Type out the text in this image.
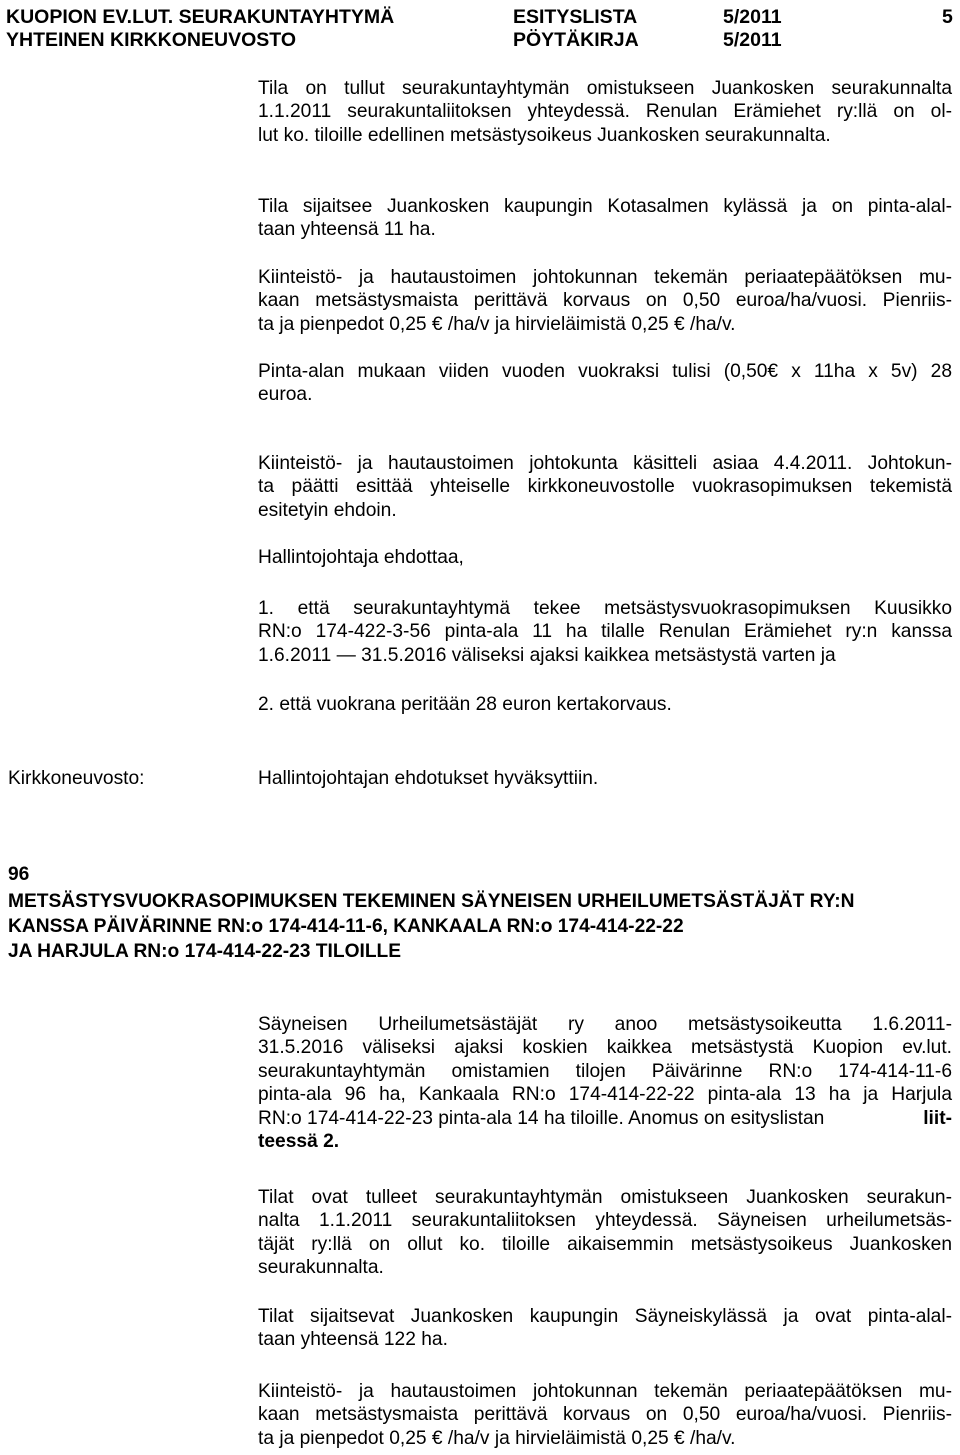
KUOPION EV.LUT. SEURAKUNTAYHTYMÄ
YHTEINEN KIRKKONEUVOSTO
ESITYSLISTA
PÖYTÄKIRJA
5/2011
5/2011
5
Tila on tullut seurakuntayhtymän omistukseen Juankosken seurakunnalta
1.1.2011 seurakuntaliitoksen yhteydessä. Renulan Erämiehet ry:llä on ol-
lut ko. tiloille edellinen metsästysoikeus Juankosken seurakunnalta.
Tila sijaitsee Juankosken kaupungin Kotasalmen kylässä ja on pinta-alal-
taan yhteensä 11 ha.
Kiinteistö- ja hautaustoimen johtokunnan tekemän periaatepäätöksen mu-
kaan metsästysmaista perittävä korvaus on 0,50 euroa/ha/vuosi. Pienriis-
ta ja pienpedot 0,25 € /ha/v ja hirvieläimistä 0,25 € /ha/v.
Pinta-alan mukaan viiden vuoden vuokraksi tulisi (0,50€ x 11ha x 5v) 28
euroa.
Kiinteistö- ja hautaustoimen johtokunta käsitteli asiaa 4.4.2011. Johtokun-
ta päätti esittää yhteiselle kirkkoneuvostolle vuokrasopimuksen tekemistä
esitetyin ehdoin.
Hallintojohtaja ehdottaa,
1. että seurakuntayhtymä tekee metsästysvuokrasopimuksen Kuusikko
RN:o 174-422-3-56 pinta-ala 11 ha tilalle Renulan Erämiehet ry:n kanssa
1.6.2011 — 31.5.2016 väliseksi ajaksi kaikkea metsästystä varten ja
2. että vuokrana peritään 28 euron kertakorvaus.
Kirkkoneuvosto:	Hallintojohtajan ehdotukset hyväksyttiin.
96
METSÄSTYSVUOKRASOPIMUKSEN TEKEMINEN SÄYNEISEN URHEILUMETSÄSTÄJÄT RY:N
KANSSA PÄIVÄRINNE RN:o 174-414-11-6, KANKAALA RN:o 174-414-22-22
JA HARJULA RN:o 174-414-22-23 TILOILLE
Säyneisen Urheilumetsästäjät ry anoo metsästysoikeutta 1.6.2011-
31.5.2016 väliseksi ajaksi koskien kaikkea metsästystä Kuopion ev.lut.
seurakuntayhtymän omistamien tilojen Päivärinne RN:o 174-414-11-6
pinta-ala 96 ha, Kankaala RN:o 174-414-22-22 pinta-ala 13 ha ja Harjula
RN:o 174-414-22-23 pinta-ala 14 ha tiloille. Anomus on esityslistan	liit-
teessä 2.
Tilat ovat tulleet seurakuntayhtymän omistukseen Juankosken seurakun-
nalta 1.1.2011 seurakuntaliitoksen yhteydessä. Säyneisen urheilumetsäs-
täjät ry:llä on ollut ko. tiloille aikaisemmin metsästysoikeus Juankosken
seurakunnalta.
Tilat sijaitsevat Juankosken kaupungin Säyneiskylässä ja ovat pinta-alal-
taan yhteensä 122 ha.
Kiinteistö- ja hautaustoimen johtokunnan tekemän periaatepäätöksen mu-
kaan metsästysmaista perittävä korvaus on 0,50 euroa/ha/vuosi. Pienriis-
ta ja pienpedot 0,25 € /ha/v ja hirvieläimistä 0,25 € /ha/v.
